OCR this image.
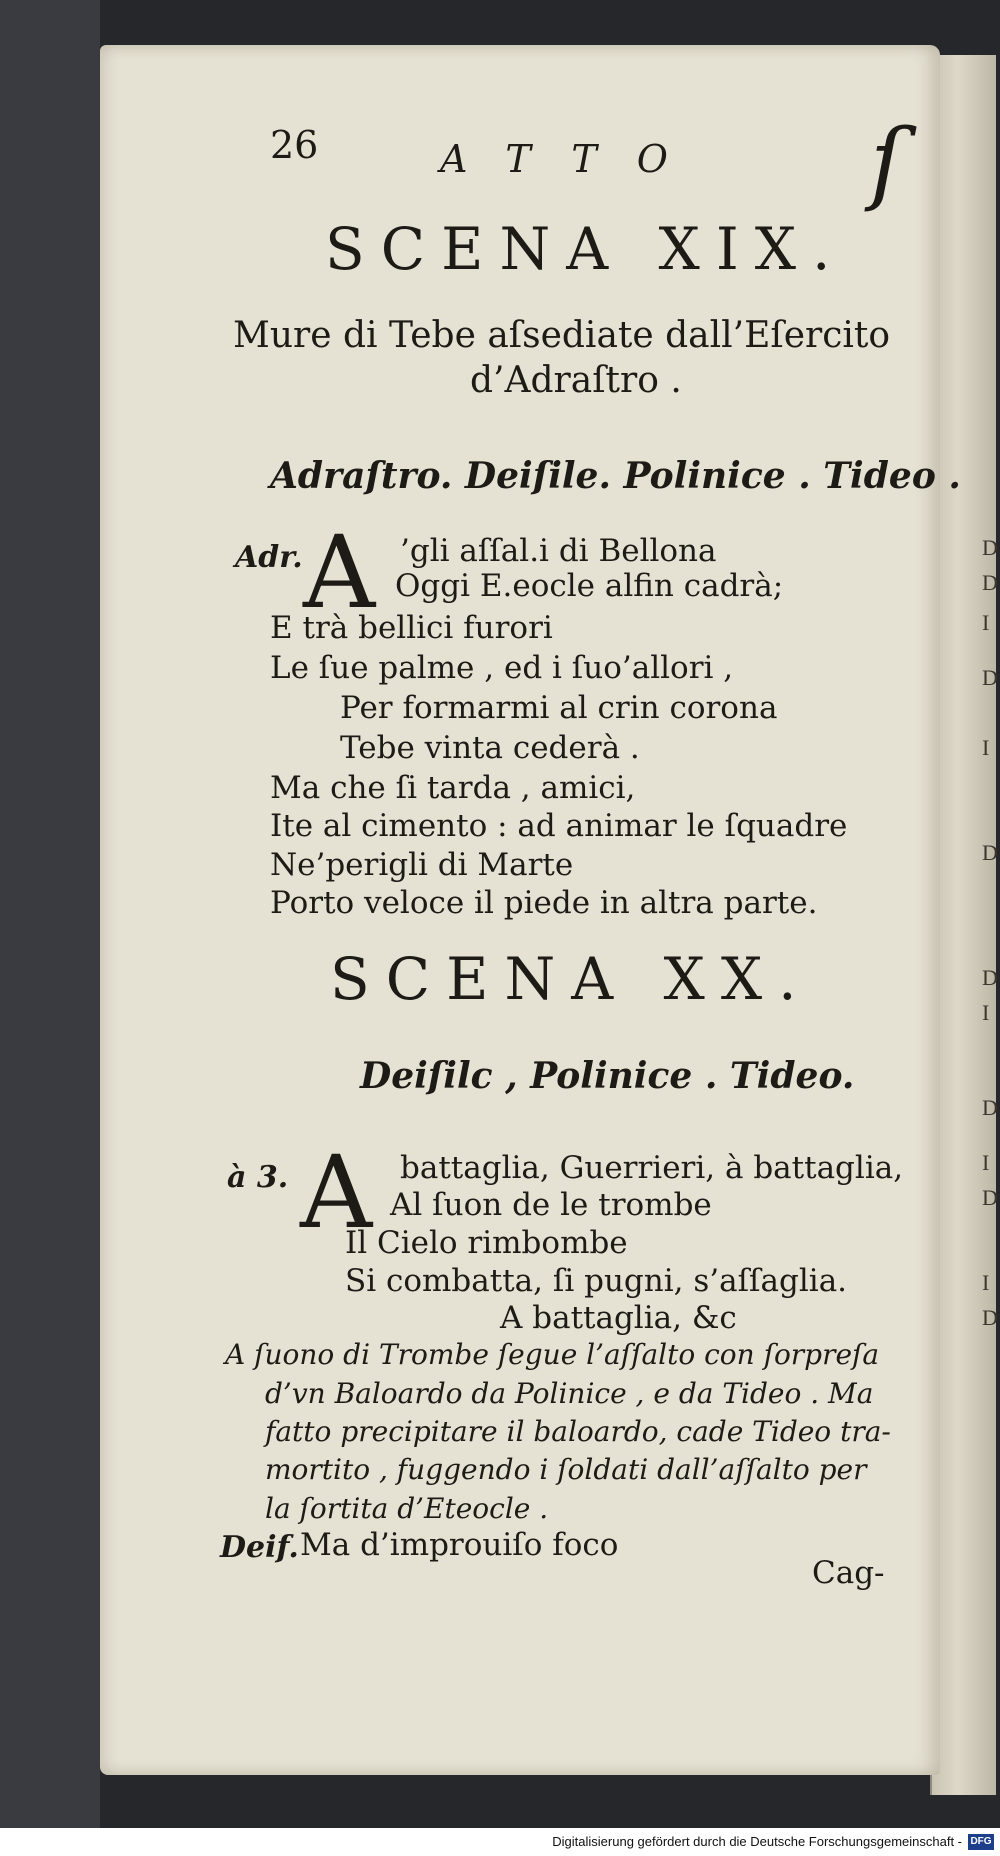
D
D
I
D
I
D
D
I
D
I
D
I
D

26	ATTO ſ

SCENA XIX.

Mure di Tebe aſsediate dall’Eſercito

d’Adraſtro .

Adraſtro. Deiſile. Polinice . Tideo .

Adr. A ’gli aſſal.i di Bellona

Oggi E.eocle alfin cadrà;

E trà bellici furori

Le ſue palme , ed i ſuo’allori ,

Per formarmi al crin corona

Tebe vinta cederà .

Ma che ſi tarda , amici,

Ite al cimento : ad animar le ſquadre

Ne’perigli di Marte

Porto veloce il piede in altra parte.

SCENA XX.

Deiſilc , Polinice . Tideo.

à 3. A battaglia, Guerrieri, à battaglia,

Al ſuon de le trombe

Il Cielo rimbombe

Si combatta, ſi pugni, s’aſſaglia.

A battaglia, &c

A ſuono di Trombe ſegue l’aſſalto con ſorpreſa

d’vn Baloardo da Polinice , e da Tideo . Ma

fatto precipitare il baloardo, cade Tideo tra-

mortito , fuggendo i ſoldati dall’aſſalto per

la ſortita d’Eteocle .

Deif. Ma d’improuiſo foco

Cag-

Digitalisierung gefördert durch die Deutsche Forschungsgemeinschaft - DFG
